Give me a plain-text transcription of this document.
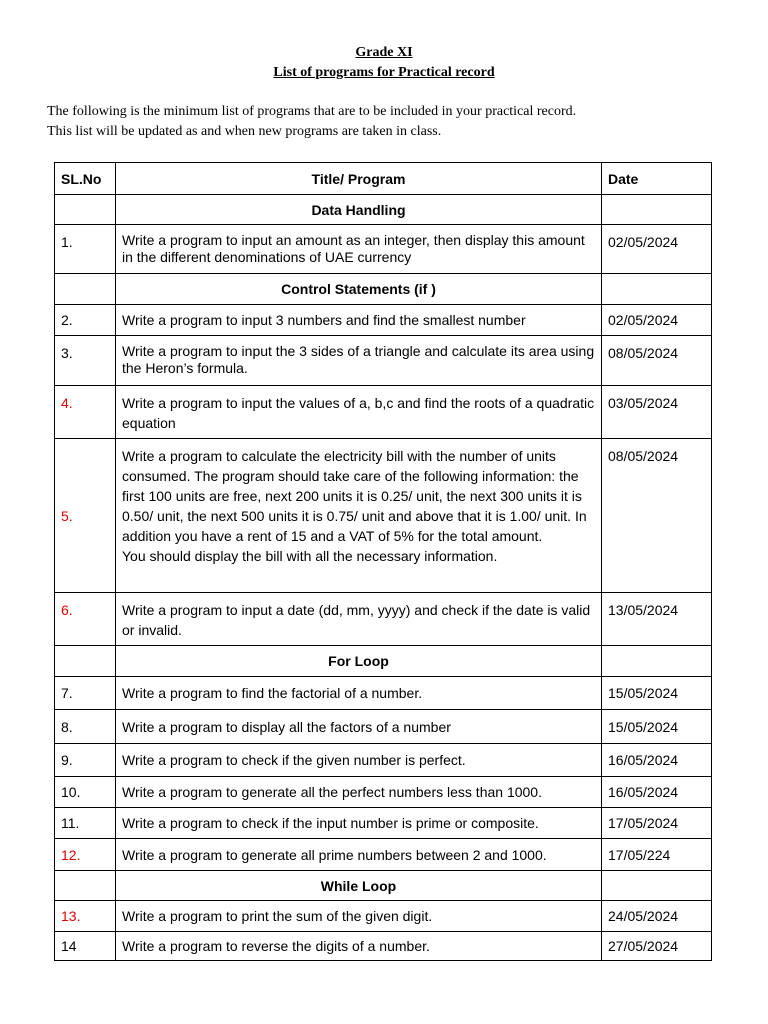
Grade XI
List of programs for Practical record
The following is the minimum list of programs that are to be included in your practical record.
This list will be updated as and when new programs are taken in class.
SL.No	Title/ Program	Date
	Data Handling	
1.	Write a program to input an amount as an integer, then display this amount in the different denominations of UAE currency	02/05/2024
	Control Statements (if )	
2.	Write a program to input 3 numbers and find the smallest number	02/05/2024
3.	Write a program to input the 3 sides of a triangle and calculate its area using the Heron’s formula.	08/05/2024
4.	Write a program to input the values of a, b,c and find the roots of a quadratic equation	03/05/2024
5.	Write a program to calculate the electricity bill with the number of units consumed. The program should take care of the following information: the first 100 units are free, next 200 units it is 0.25/ unit, the next 300 units it is 0.50/ unit, the next 500 units it is 0.75/ unit and above that it is 1.00/ unit. In addition you have a rent of 15 and a VAT of 5% for the total amount.
You should display the bill with all the necessary information.	08/05/2024
6.	Write a program to input a date (dd, mm, yyyy) and check if the date is valid or invalid.	13/05/2024
	For Loop	
7.	Write a program to find the factorial of a number.	15/05/2024
8.	Write a program to display all the factors of a number	15/05/2024
9.	Write a program to check if the given number is perfect.	16/05/2024
10.	Write a program to generate all the perfect numbers less than 1000.	16/05/2024
11.	Write a program to check if the input number is prime or composite.	17/05/2024
12.	Write a program to generate all prime numbers between 2 and 1000.	17/05/224
	While Loop	
13.	Write a program to print the sum of the given digit.	24/05/2024
14	Write a program to reverse the digits of a number.	27/05/2024
